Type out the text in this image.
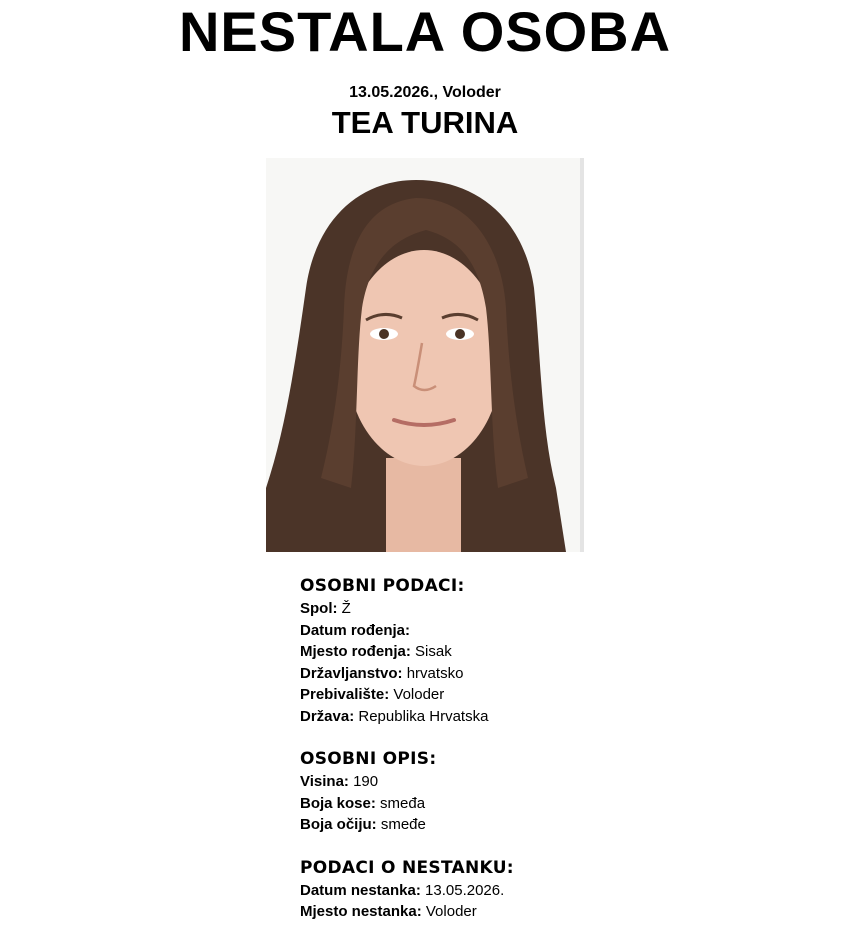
NESTALA OSOBA
13.05.2026., Voloder
TEA TURINA
OSOBNI PODACI:
Spol: Ž
Datum rođenja:
Mjesto rođenja: Sisak
Državljanstvo: hrvatsko
Prebivalište: Voloder
Država: Republika Hrvatska
OSOBNI OPIS:
Visina: 190
Boja kose: smeđa
Boja očiju: smeđe
PODACI O NESTANKU:
Datum nestanka: 13.05.2026.
Mjesto nestanka: Voloder
